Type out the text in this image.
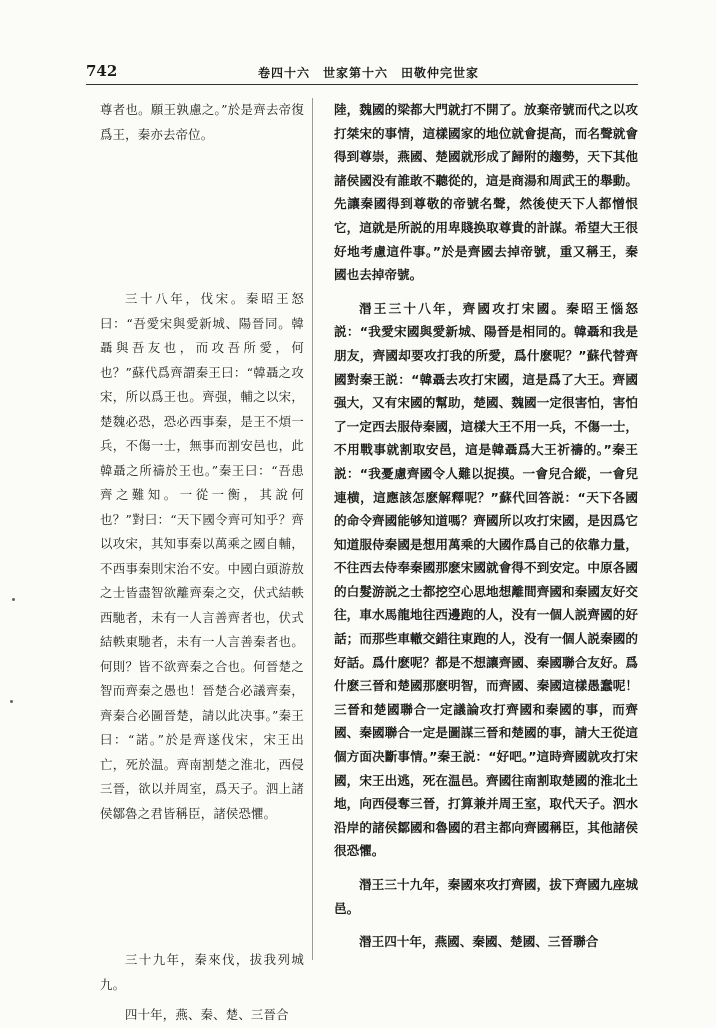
742	卷四十六　世家第十六　田敬仲完世家

尊者也。願王孰慮之。”於是齊去帝復爲王，秦亦去帝位。

三十八年，伐宋。秦昭王怒曰：“吾愛宋與愛新城、陽晉同。韓聶與吾友也，而攻吾所愛，何也？”蘇代爲齊謂秦王曰：“韓聶之攻宋，所以爲王也。齊强，輔之以宋，楚魏必恐，恐必西事秦，是王不煩一兵，不傷一士，無事而割安邑也，此韓聶之所禱於王也。”秦王曰：“吾患齊之難知。一從一衡，其說何也？”對曰：“天下國令齊可知乎？齊以攻宋，其知事秦以萬乘之國自輔，不西事秦則宋治不安。中國白頭游敖之士皆盡智欲離齊秦之交，伏式結軼西馳者，未有一人言善齊者也，伏式結軼東馳者，未有一人言善秦者也。何則？皆不欲齊秦之合也。何晉楚之智而齊秦之愚也！晉楚合必議齊秦，齊秦合必圖晉楚，請以此决事。”秦王曰：“諾。”於是齊遂伐宋，宋王出亡，死於温。齊南割楚之淮北，西侵三晉，欲以并周室，爲天子。泗上諸侯鄒魯之君皆稱臣，諸侯恐懼。

三十九年，秦來伐，拔我列城九。

四十年，燕、秦、楚、三晉合

陸，魏國的梁都大門就打不開了。放棄帝號而代之以攻打桀宋的事情，這樣國家的地位就會提高，而名聲就會得到尊崇，燕國、楚國就形成了歸附的趨勢，天下其他諸侯國没有誰敢不聽從的，這是商湯和周武王的舉動。先讓秦國得到尊敬的帝號名聲，然後使天下人都憎恨它，這就是所説的用卑賤换取尊貴的計謀。希望大王很好地考慮這件事。”於是齊國去掉帝號，重又稱王，秦國也去掉帝號。

湣王三十八年，齊國攻打宋國。秦昭王惱怒説：“我愛宋國與愛新城、陽晉是相同的。韓聶和我是朋友，齊國却要攻打我的所愛，爲什麽呢？”蘇代替齊國對秦王説：“韓聶去攻打宋國，這是爲了大王。齊國强大，又有宋國的幫助，楚國、魏國一定很害怕，害怕了一定西去服侍秦國，這樣大王不用一兵，不傷一士，不用戰事就割取安邑，這是韓聶爲大王祈禱的。”秦王説：“我憂慮齊國令人難以捉摸。一會兒合縱，一會兒連横，這應該怎麽解釋呢？”蘇代回答説：“天下各國的命令齊國能够知道嗎？齊國所以攻打宋國，是因爲它知道服侍秦國是想用萬乘的大國作爲自己的依靠力量，不往西去侍奉秦國那麽宋國就會得不到安定。中原各國的白髮游説之士都挖空心思地想離間齊國和秦國友好交往，車水馬龍地往西邊跑的人，没有一個人説齊國的好話；而那些車轍交錯往東跑的人，没有一個人説秦國的好話。爲什麽呢？都是不想讓齊國、秦國聯合友好。爲什麽三晉和楚國那麽明智，而齊國、秦國這樣愚蠢呢！三晉和楚國聯合一定議論攻打齊國和秦國的事，而齊國、秦國聯合一定是圖謀三晉和楚國的事，請大王從這個方面决斷事情。”秦王説：“好吧。”這時齊國就攻打宋國，宋王出逃，死在温邑。齊國往南割取楚國的淮北土地，向西侵奪三晉，打算兼并周王室，取代天子。泗水沿岸的諸侯鄒國和魯國的君主都向齊國稱臣，其他諸侯很恐懼。

湣王三十九年，秦國來攻打齊國，拔下齊國九座城邑。

湣王四十年，燕國、秦國、楚國、三晉聯合
